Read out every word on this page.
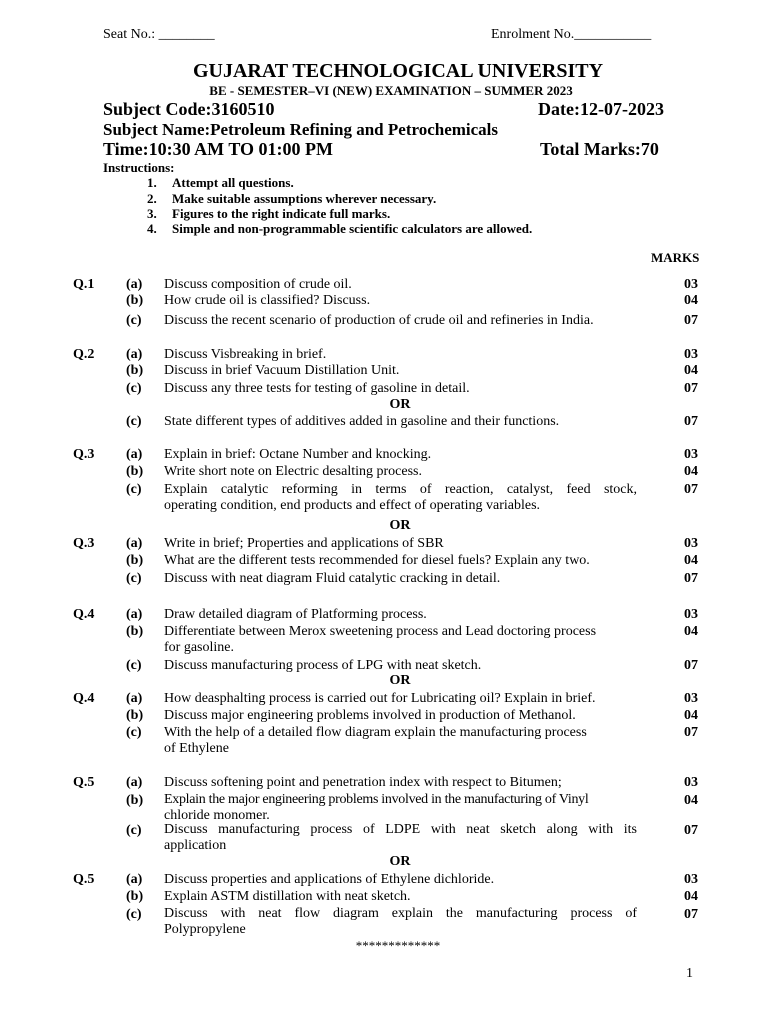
Seat No.: ________	Enrolment No.___________
GUJARAT TECHNOLOGICAL UNIVERSITY
BE - SEMESTER–VI (NEW) EXAMINATION – SUMMER 2023
Subject Code:3160510	Date:12-07-2023
Subject Name:Petroleum Refining and Petrochemicals
Time:10:30 AM TO 01:00 PM	Total Marks:70
Instructions:
1. Attempt all questions.
2. Make suitable assumptions wherever necessary.
3. Figures to the right indicate full marks.
4. Simple and non-programmable scientific calculators are allowed.
MARKS
Q.1 (a) Discuss composition of crude oil.	03
(b) How crude oil is classified? Discuss.	04
(c) Discuss the recent scenario of production of crude oil and refineries in India.	07
Q.2 (a) Discuss Visbreaking in brief.	03
(b) Discuss in brief Vacuum Distillation Unit.	04
(c) Discuss any three tests for testing of gasoline in detail.	07
OR
(c) State different types of additives added in gasoline and their functions.	07
Q.3 (a) Explain in brief: Octane Number and knocking.	03
(b) Write short note on Electric desalting process.	04
(c) Explain catalytic reforming in terms of reaction, catalyst, feed stock,	07
operating condition, end products and effect of operating variables.
OR
Q.3 (a) Write in brief; Properties and applications of SBR	03
(b) What are the different tests recommended for diesel fuels? Explain any two.	04
(c) Discuss with neat diagram Fluid catalytic cracking in detail.	07
Q.4 (a) Draw detailed diagram of Platforming process.	03
(b) Differentiate between Merox sweetening process and Lead doctoring process	04
for gasoline.
(c) Discuss manufacturing process of LPG with neat sketch.	07
OR
Q.4 (a) How deasphalting process is carried out for Lubricating oil? Explain in brief.	03
(b) Discuss major engineering problems involved in production of Methanol.	04
(c) With the help of a detailed flow diagram explain the manufacturing process	07
of Ethylene
Q.5 (a) Discuss softening point and penetration index with respect to Bitumen;	03
(b) Explain the major engineering problems involved in the manufacturing of Vinyl	04
chloride monomer.
(c) Discuss manufacturing process of LDPE with neat sketch along with its	07
application
OR
Q.5 (a) Discuss properties and applications of Ethylene dichloride.	03
(b) Explain ASTM distillation with neat sketch.	04
(c) Discuss with neat flow diagram explain the manufacturing process of	07
Polypropylene
*************
1
